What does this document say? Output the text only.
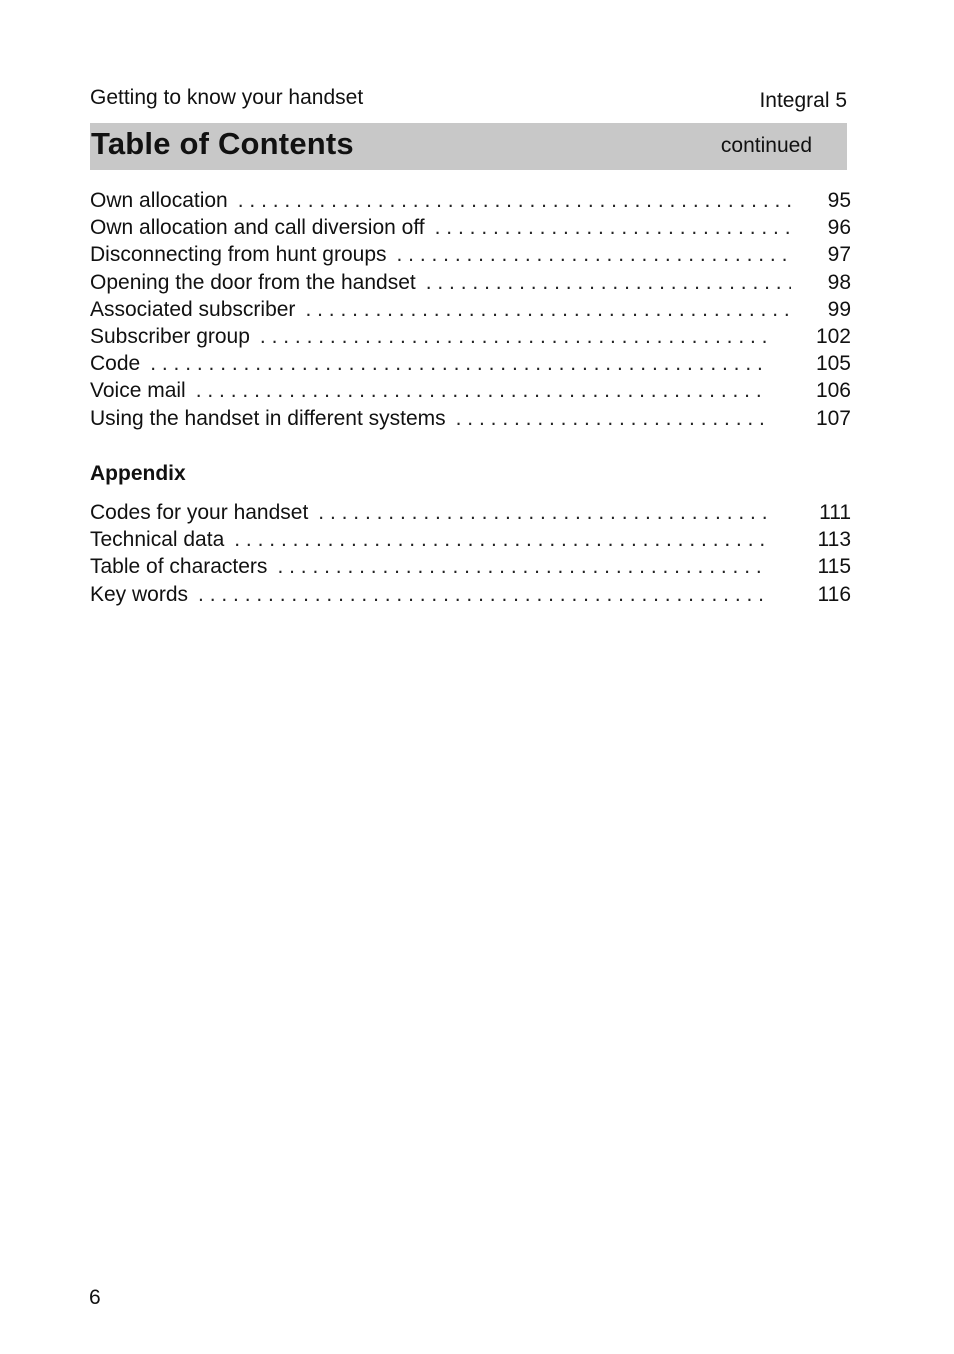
Getting to know your handset	Integral 5
Table of Contents	continued
Own allocation . . .	95
Own allocation and call diversion off . . .	96
Disconnecting from hunt groups . . .	97
Opening the door from the handset . . .	98
Associated subscriber . . .	99
Subscriber group . . .	102
Code . . .	105
Voice mail . . .	106
Using the handset in different systems . . .	107
Appendix
Codes for your handset . . .	111
Technical data . . .	113
Table of characters . . .	115
Key words . . .	116
6
